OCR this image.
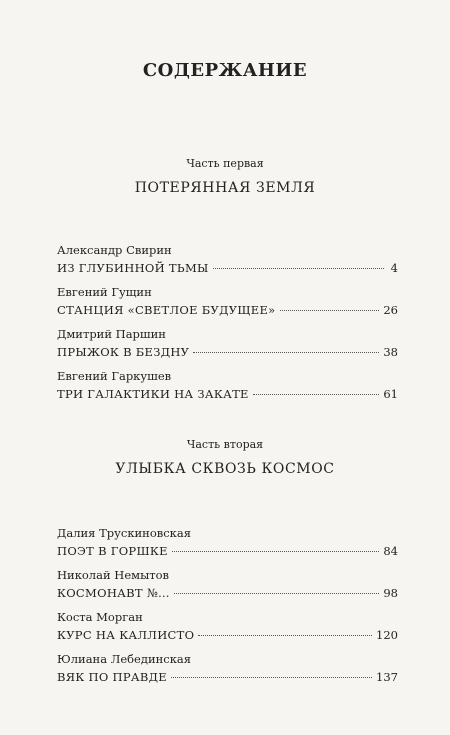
СОДЕРЖАНИЕ
Часть первая
ПОТЕРЯННАЯ ЗЕМЛЯ
Александр Свирин
ИЗ ГЛУБИННОЙ ТЬМЫ	4
Евгений Гущин
СТАНЦИЯ «СВЕТЛОЕ БУДУЩЕЕ»	26
Дмитрий Паршин
ПРЫЖОК В БЕЗДНУ	38
Евгений Гаркушев
ТРИ ГАЛАКТИКИ НА ЗАКАТЕ	61
Часть вторая
УЛЫБКА СКВОЗЬ КОСМОС
Далия Трускиновская
ПОЭТ В ГОРШКЕ	84
Николай Немытов
КОСМОНАВТ №…	98
Коста Морган
КУРС НА КАЛЛИСТО	120
Юлиана Лебединская
ВЯК ПО ПРАВДЕ	137
